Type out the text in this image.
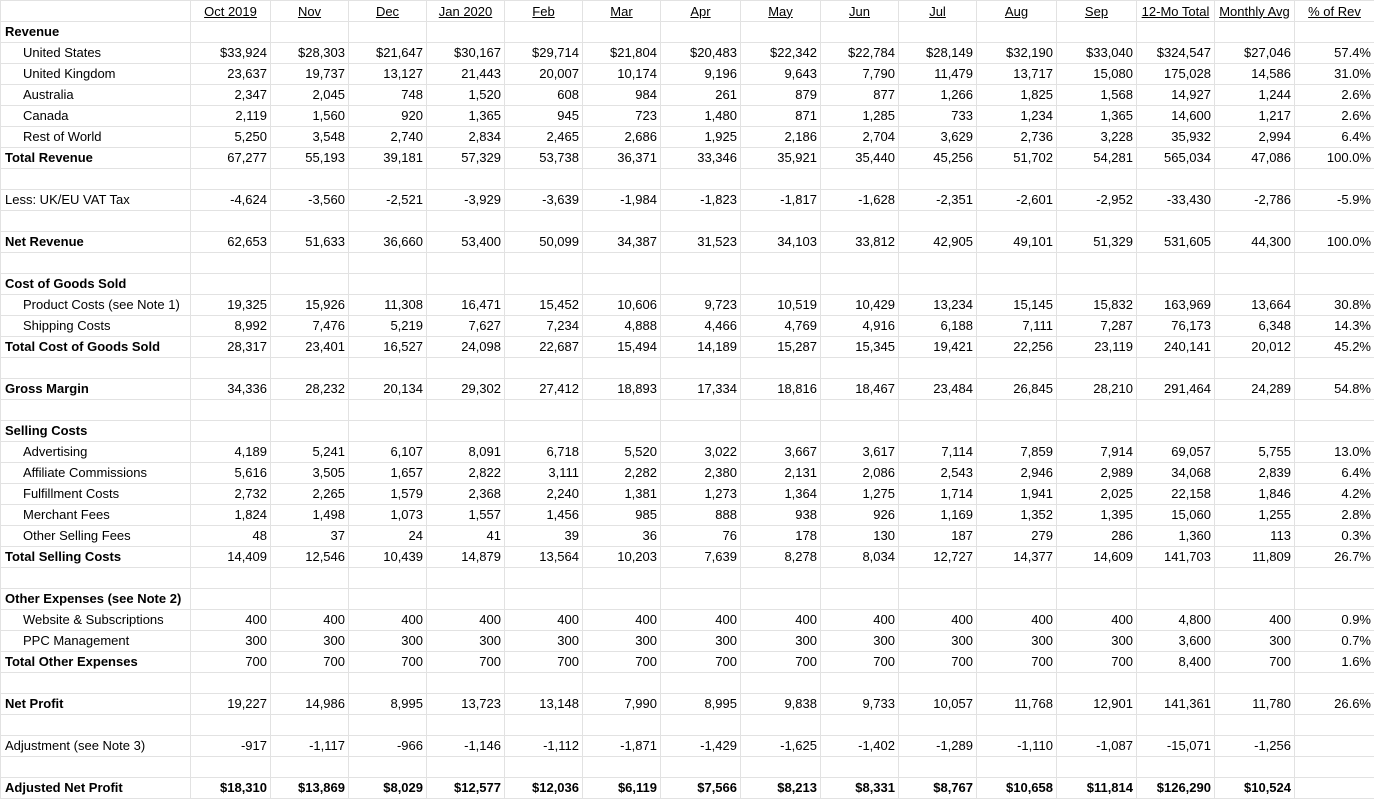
	Oct 2019	Nov	Dec	Jan 2020	Feb	Mar	Apr	May	Jun	Jul	Aug	Sep	12-Mo Total	Monthly Avg	% of Rev
Revenue															
United States	$33,924	$28,303	$21,647	$30,167	$29,714	$21,804	$20,483	$22,342	$22,784	$28,149	$32,190	$33,040	$324,547	$27,046	57.4%
United Kingdom	23,637	19,737	13,127	21,443	20,007	10,174	9,196	9,643	7,790	11,479	13,717	15,080	175,028	14,586	31.0%
Australia	2,347	2,045	748	1,520	608	984	261	879	877	1,266	1,825	1,568	14,927	1,244	2.6%
Canada	2,119	1,560	920	1,365	945	723	1,480	871	1,285	733	1,234	1,365	14,600	1,217	2.6%
Rest of World	5,250	3,548	2,740	2,834	2,465	2,686	1,925	2,186	2,704	3,629	2,736	3,228	35,932	2,994	6.4%
Total Revenue	67,277	55,193	39,181	57,329	53,738	36,371	33,346	35,921	35,440	45,256	51,702	54,281	565,034	47,086	100.0%

Less: UK/EU VAT Tax	-4,624	-3,560	-2,521	-3,929	-3,639	-1,984	-1,823	-1,817	-1,628	-2,351	-2,601	-2,952	-33,430	-2,786	-5.9%

Net Revenue	62,653	51,633	36,660	53,400	50,099	34,387	31,523	34,103	33,812	42,905	49,101	51,329	531,605	44,300	100.0%

Cost of Goods Sold															
Product Costs (see Note 1)	19,325	15,926	11,308	16,471	15,452	10,606	9,723	10,519	10,429	13,234	15,145	15,832	163,969	13,664	30.8%
Shipping Costs	8,992	7,476	5,219	7,627	7,234	4,888	4,466	4,769	4,916	6,188	7,111	7,287	76,173	6,348	14.3%
Total Cost of Goods Sold	28,317	23,401	16,527	24,098	22,687	15,494	14,189	15,287	15,345	19,421	22,256	23,119	240,141	20,012	45.2%

Gross Margin	34,336	28,232	20,134	29,302	27,412	18,893	17,334	18,816	18,467	23,484	26,845	28,210	291,464	24,289	54.8%

Selling Costs															
Advertising	4,189	5,241	6,107	8,091	6,718	5,520	3,022	3,667	3,617	7,114	7,859	7,914	69,057	5,755	13.0%
Affiliate Commissions	5,616	3,505	1,657	2,822	3,111	2,282	2,380	2,131	2,086	2,543	2,946	2,989	34,068	2,839	6.4%
Fulfillment Costs	2,732	2,265	1,579	2,368	2,240	1,381	1,273	1,364	1,275	1,714	1,941	2,025	22,158	1,846	4.2%
Merchant Fees	1,824	1,498	1,073	1,557	1,456	985	888	938	926	1,169	1,352	1,395	15,060	1,255	2.8%
Other Selling Fees	48	37	24	41	39	36	76	178	130	187	279	286	1,360	113	0.3%
Total Selling Costs	14,409	12,546	10,439	14,879	13,564	10,203	7,639	8,278	8,034	12,727	14,377	14,609	141,703	11,809	26.7%

Other Expenses (see Note 2)															
Website & Subscriptions	400	400	400	400	400	400	400	400	400	400	400	400	4,800	400	0.9%
PPC Management	300	300	300	300	300	300	300	300	300	300	300	300	3,600	300	0.7%
Total Other Expenses	700	700	700	700	700	700	700	700	700	700	700	700	8,400	700	1.6%

Net Profit	19,227	14,986	8,995	13,723	13,148	7,990	8,995	9,838	9,733	10,057	11,768	12,901	141,361	11,780	26.6%

Adjustment (see Note 3)	-917	-1,117	-966	-1,146	-1,112	-1,871	-1,429	-1,625	-1,402	-1,289	-1,110	-1,087	-15,071	-1,256	

Adjusted Net Profit	$18,310	$13,869	$8,029	$12,577	$12,036	$6,119	$7,566	$8,213	$8,331	$8,767	$10,658	$11,814	$126,290	$10,524	
